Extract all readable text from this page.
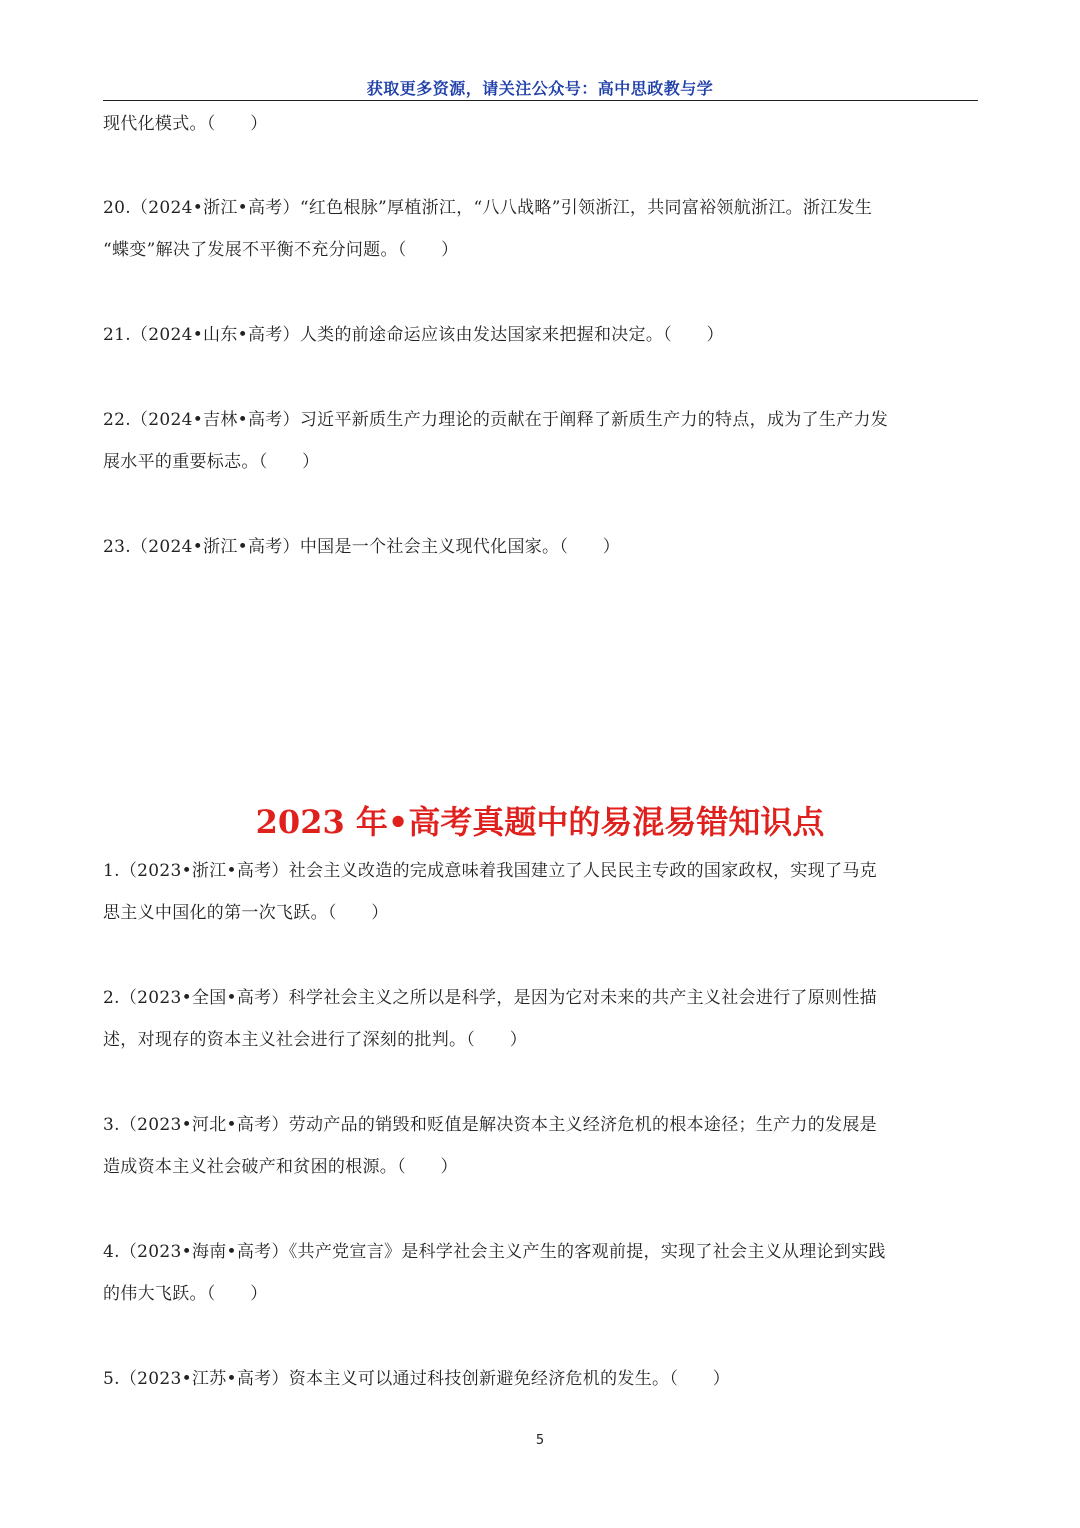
获取更多资源，请关注公众号：高中思政教与学
现代化模式。（　　）
20.（2024•浙江•高考）“红色根脉”厚植浙江，“八八战略”引领浙江，共同富裕领航浙江。浙江发生
“蝶变”解决了发展不平衡不充分问题。（　　）
21.（2024•山东•高考）人类的前途命运应该由发达国家来把握和决定。（　　）
22.（2024•吉林•高考）习近平新质生产力理论的贡献在于阐释了新质生产力的特点，成为了生产力发
展水平的重要标志。（　　）
23.（2024•浙江•高考）中国是一个社会主义现代化国家。（　　）
2023 年•高考真题中的易混易错知识点
1.（2023•浙江•高考）社会主义改造的完成意味着我国建立了人民民主专政的国家政权，实现了马克
思主义中国化的第一次飞跃。（　　）
2.（2023•全国•高考）科学社会主义之所以是科学，是因为它对未来的共产主义社会进行了原则性描
述，对现存的资本主义社会进行了深刻的批判。（　　）
3.（2023•河北•高考）劳动产品的销毁和贬值是解决资本主义经济危机的根本途径；生产力的发展是
造成资本主义社会破产和贫困的根源。（　　）
4.（2023•海南•高考）《共产党宣言》是科学社会主义产生的客观前提，实现了社会主义从理论到实践
的伟大飞跃。（　　）
5.（2023•江苏•高考）资本主义可以通过科技创新避免经济危机的发生。（　　）
5
